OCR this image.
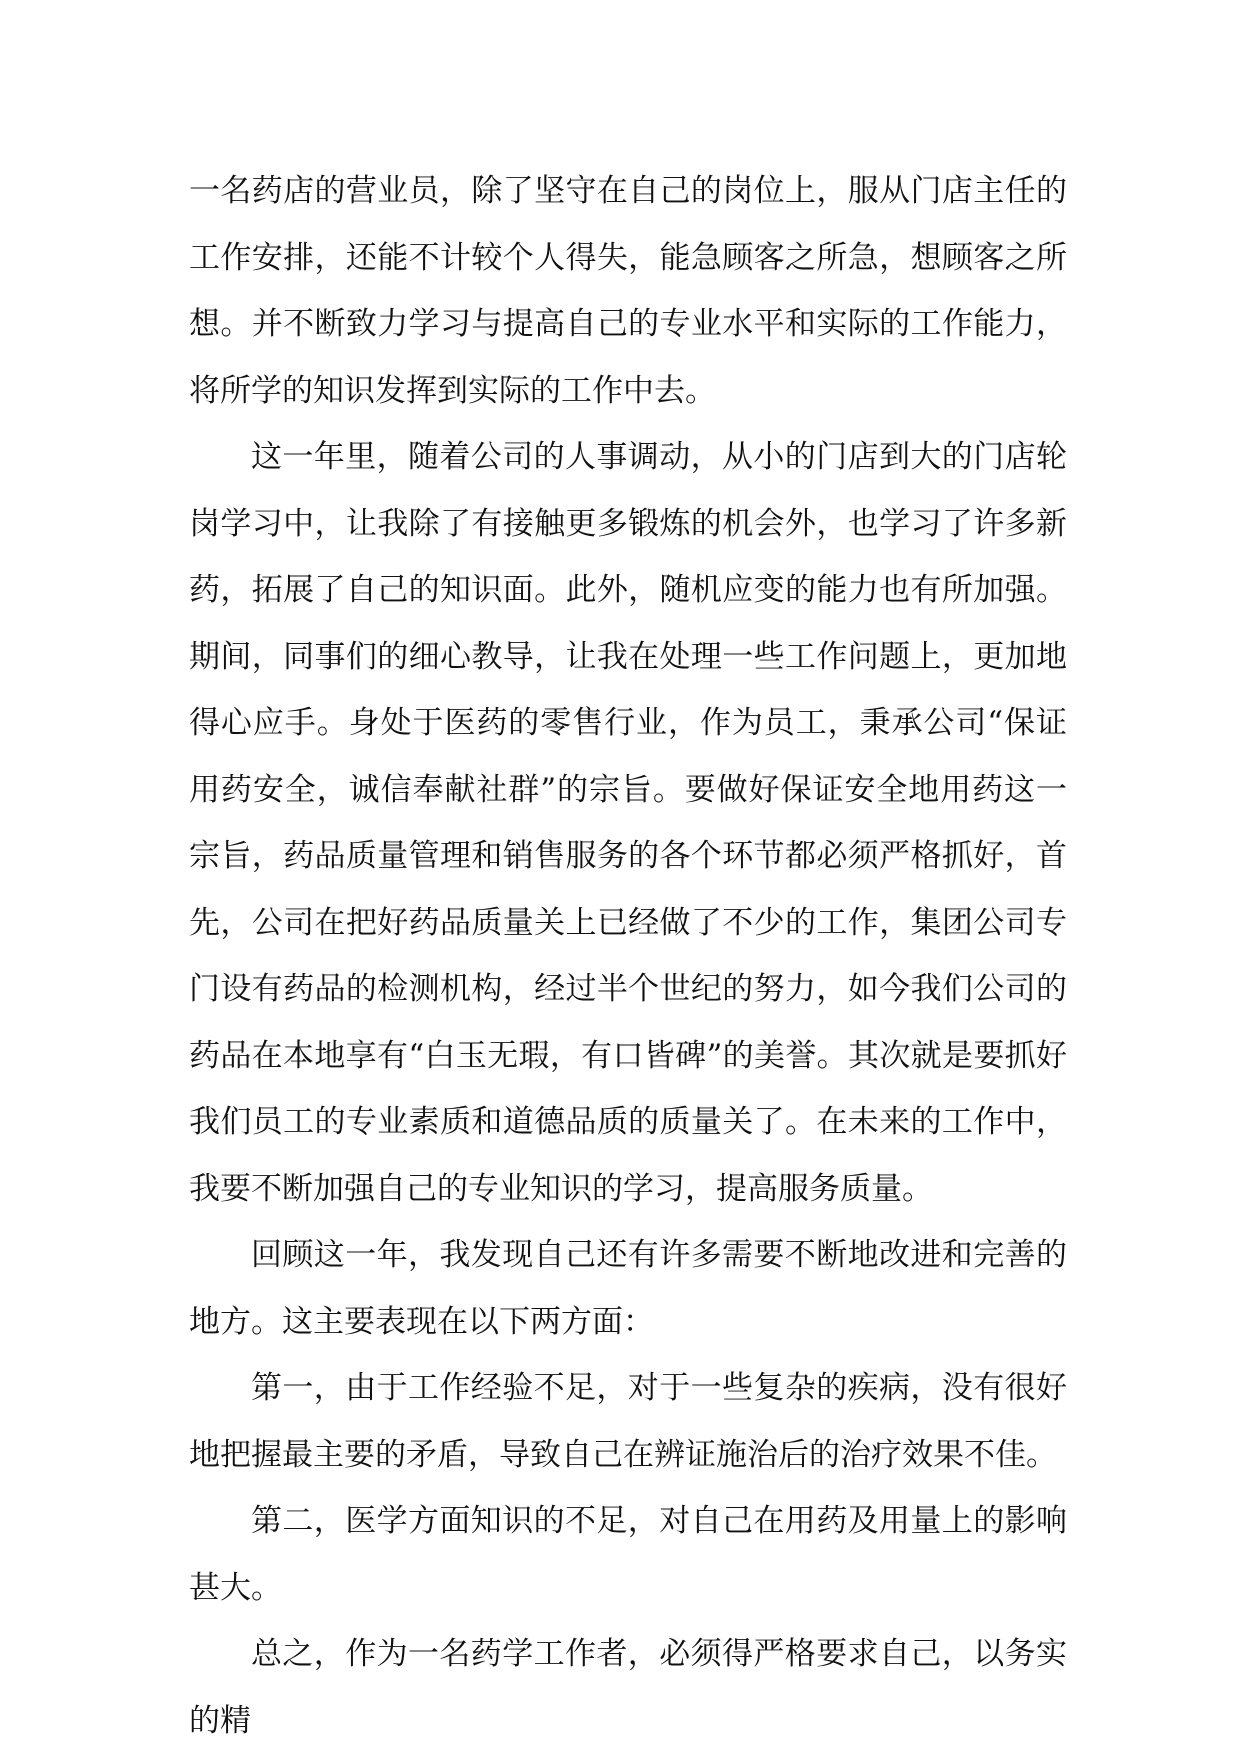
一名药店的营业员，除了坚守在自己的岗位上，服从门店主任的工作安排，还能不计较个人得失，能急顾客之所急，想顾客之所想。并不断致力学习与提高自己的专业水平和实际的工作能力，将所学的知识发挥到实际的工作中去。

这一年里，随着公司的人事调动，从小的门店到大的门店轮岗学习中，让我除了有接触更多锻炼的机会外，也学习了许多新药，拓展了自己的知识面。此外，随机应变的能力也有所加强。期间，同事们的细心教导，让我在处理一些工作问题上，更加地得心应手。身处于医药的零售行业，作为员工，秉承公司“保证用药安全，诚信奉献社群”的宗旨。要做好保证安全地用药这一宗旨，药品质量管理和销售服务的各个环节都必须严格抓好，首先，公司在把好药品质量关上已经做了不少的工作，集团公司专门设有药品的检测机构，经过半个世纪的努力，如今我们公司的药品在本地享有“白玉无瑕，有口皆碑”的美誉。其次就是要抓好我们员工的专业素质和道德品质的质量关了。在未来的工作中，我要不断加强自己的专业知识的学习，提高服务质量。

回顾这一年，我发现自己还有许多需要不断地改进和完善的地方。这主要表现在以下两方面：

第一，由于工作经验不足，对于一些复杂的疾病，没有很好地把握最主要的矛盾，导致自己在辨证施治后的治疗效果不佳。

第二，医学方面知识的不足，对自己在用药及用量上的影响甚大。

总之，作为一名药学工作者，必须得严格要求自己，以务实的精
